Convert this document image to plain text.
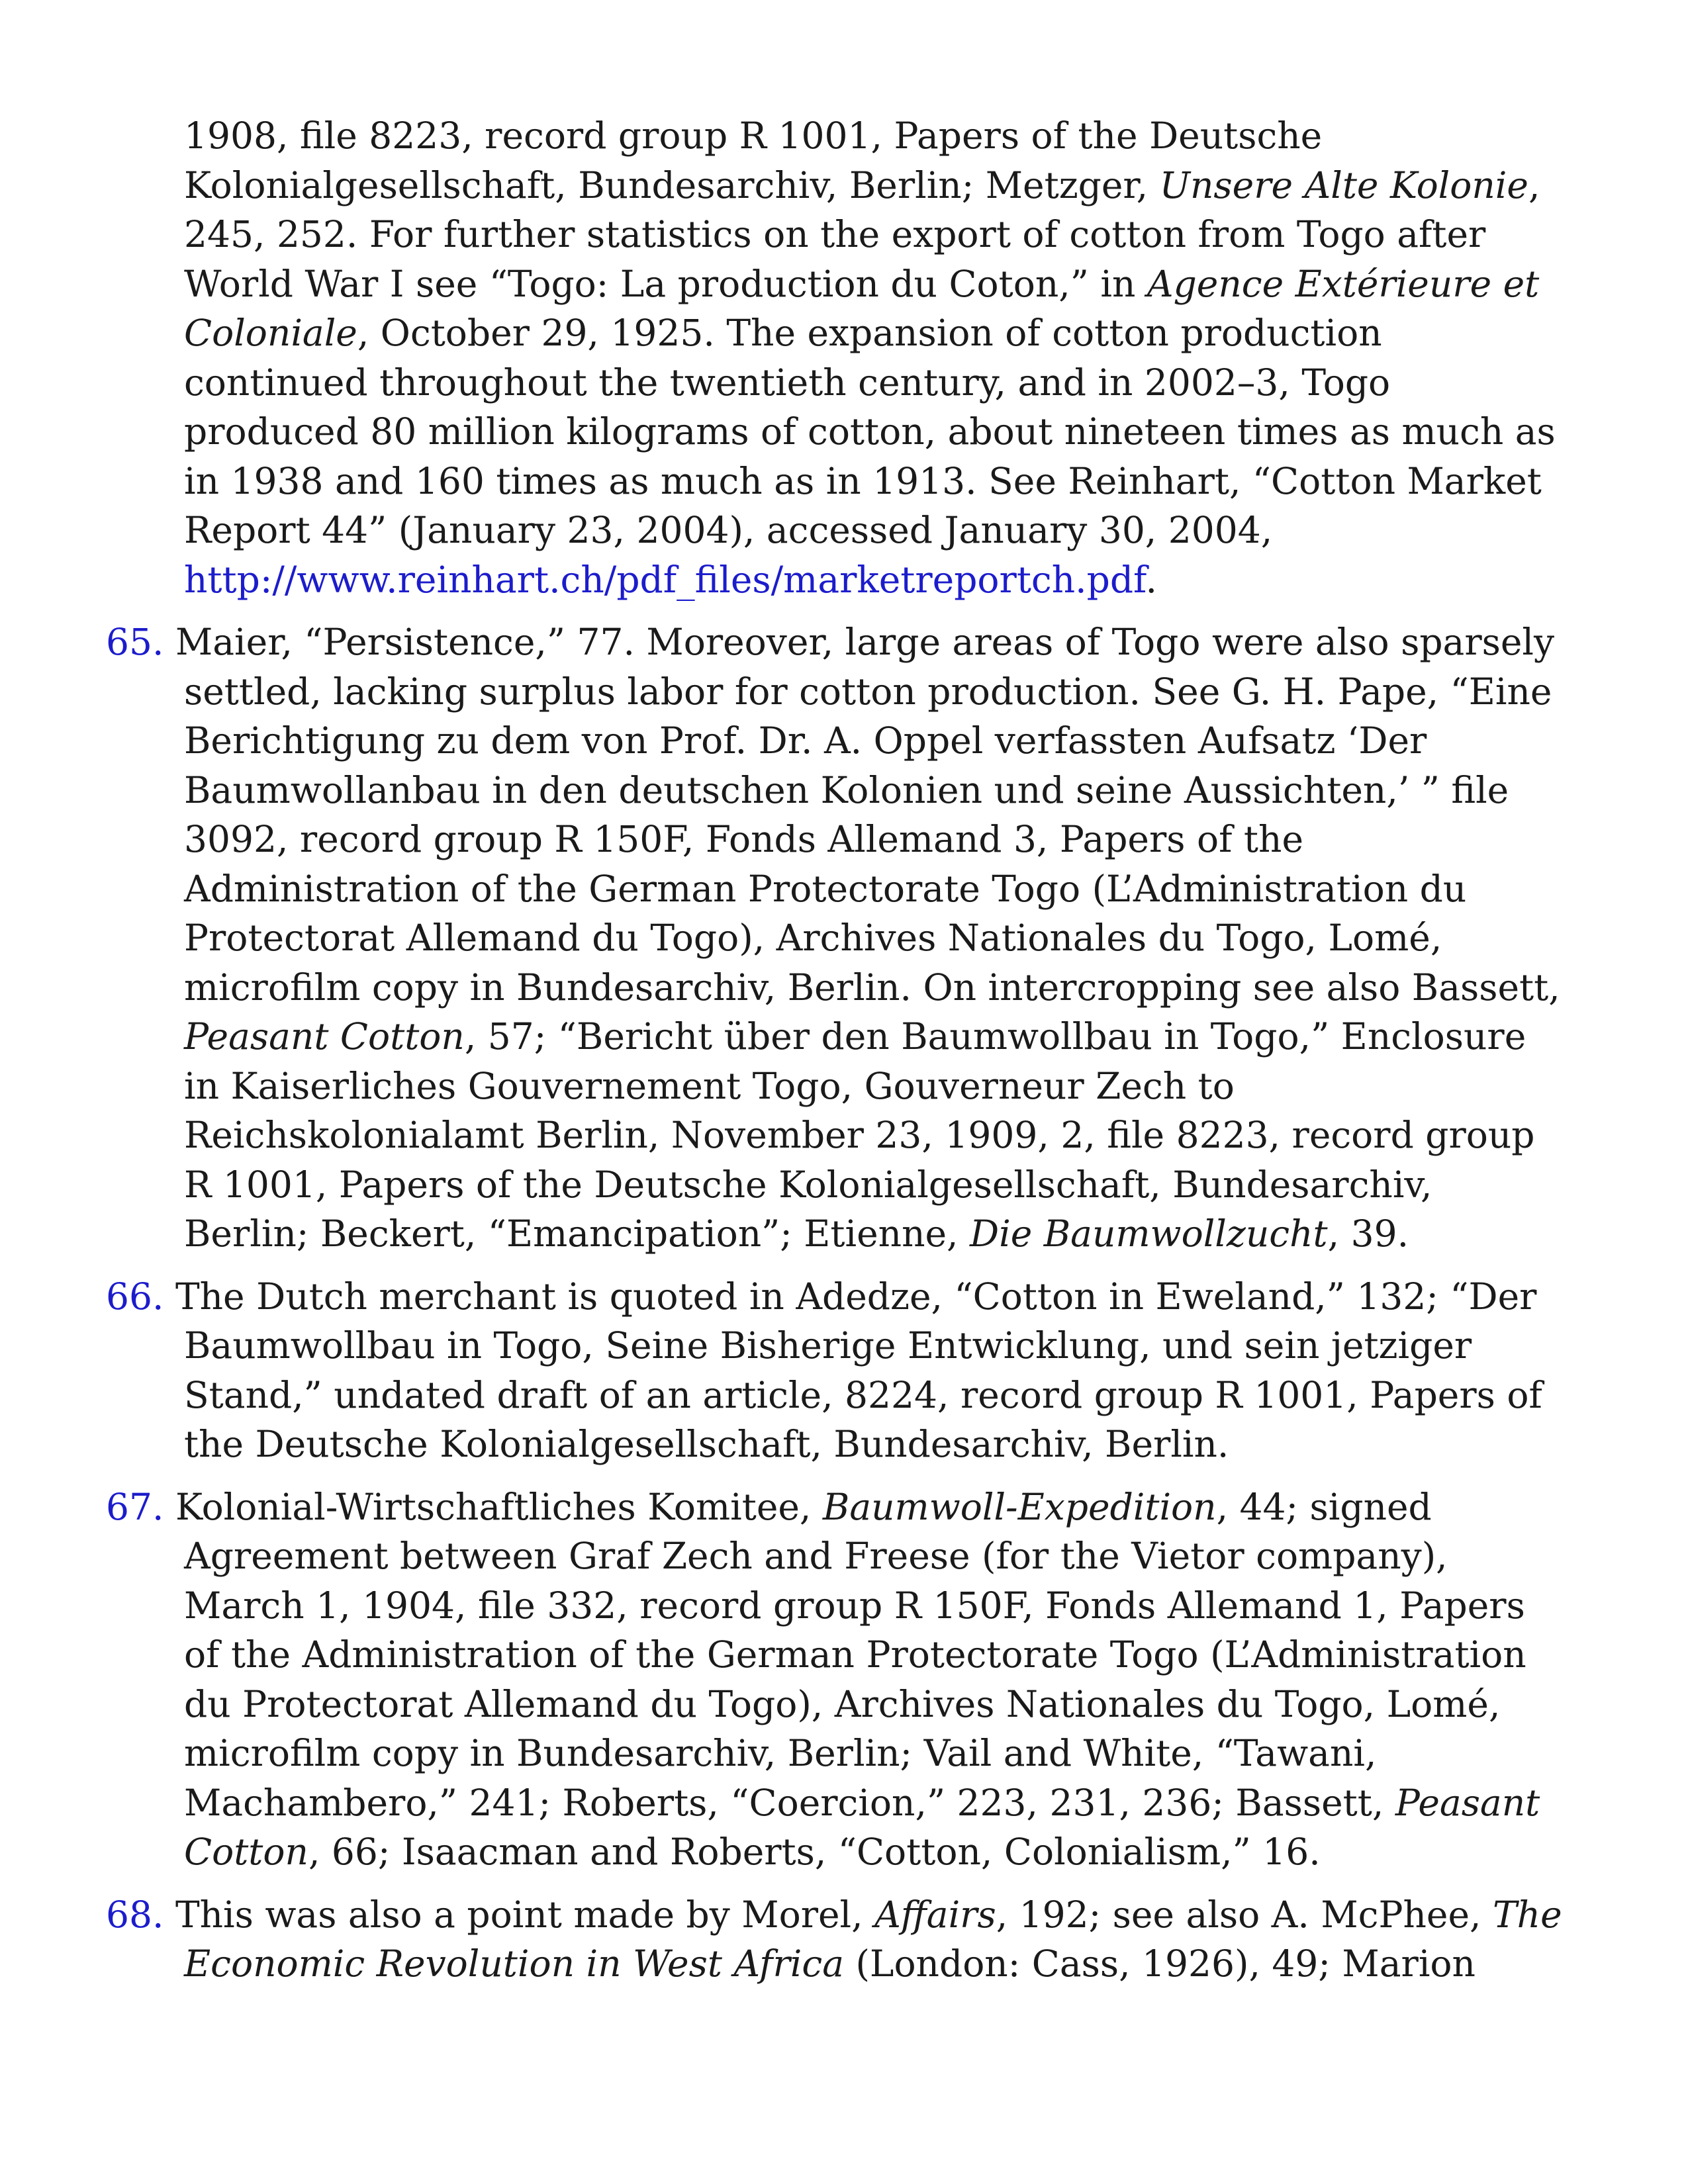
1908, file 8223, record group R 1001, Papers of the Deutsche Kolonialgesellschaft, Bundesarchiv, Berlin; Metzger, Unsere Alte Kolonie, 245, 252. For further statistics on the export of cotton from Togo after World War I see “Togo: La production du Coton,” in Agence Extérieure et Coloniale, October 29, 1925. The expansion of cotton production continued throughout the twentieth century, and in 2002–3, Togo produced 80 million kilograms of cotton, about nineteen times as much as in 1938 and 160 times as much as in 1913. See Reinhart, “Cotton Market Report 44” (January 23, 2004), accessed January 30, 2004, http://www.reinhart.ch/pdf_files/marketreportch.pdf.

65. Maier, “Persistence,” 77. Moreover, large areas of Togo were also sparsely settled, lacking surplus labor for cotton production. See G. H. Pape, “Eine Berichtigung zu dem von Prof. Dr. A. Oppel verfassten Aufsatz ‘Der Baumwollanbau in den deutschen Kolonien und seine Aussichten,’ ” file 3092, record group R 150F, Fonds Allemand 3, Papers of the Administration of the German Protectorate Togo (L’Administration du Protectorat Allemand du Togo), Archives Nationales du Togo, Lomé, microfilm copy in Bundesarchiv, Berlin. On intercropping see also Bassett, Peasant Cotton, 57; “Bericht über den Baumwollbau in Togo,” Enclosure in Kaiserliches Gouvernement Togo, Gouverneur Zech to Reichskolonialamt Berlin, November 23, 1909, 2, file 8223, record group R 1001, Papers of the Deutsche Kolonialgesellschaft, Bundesarchiv, Berlin; Beckert, “Emancipation”; Etienne, Die Baumwollzucht, 39.

66. The Dutch merchant is quoted in Adedze, “Cotton in Eweland,” 132; “Der Baumwollbau in Togo, Seine Bisherige Entwicklung, und sein jetziger Stand,” undated draft of an article, 8224, record group R 1001, Papers of the Deutsche Kolonialgesellschaft, Bundesarchiv, Berlin.

67. Kolonial-Wirtschaftliches Komitee, Baumwoll-Expedition, 44; signed Agreement between Graf Zech and Freese (for the Vietor company), March 1, 1904, file 332, record group R 150F, Fonds Allemand 1, Papers of the Administration of the German Protectorate Togo (L’Administration du Protectorat Allemand du Togo), Archives Nationales du Togo, Lomé, microfilm copy in Bundesarchiv, Berlin; Vail and White, “Tawani, Machambero,” 241; Roberts, “Coercion,” 223, 231, 236; Bassett, Peasant Cotton, 66; Isaacman and Roberts, “Cotton, Colonialism,” 16.

68. This was also a point made by Morel, Affairs, 192; see also A. McPhee, The Economic Revolution in West Africa (London: Cass, 1926), 49; Marion
